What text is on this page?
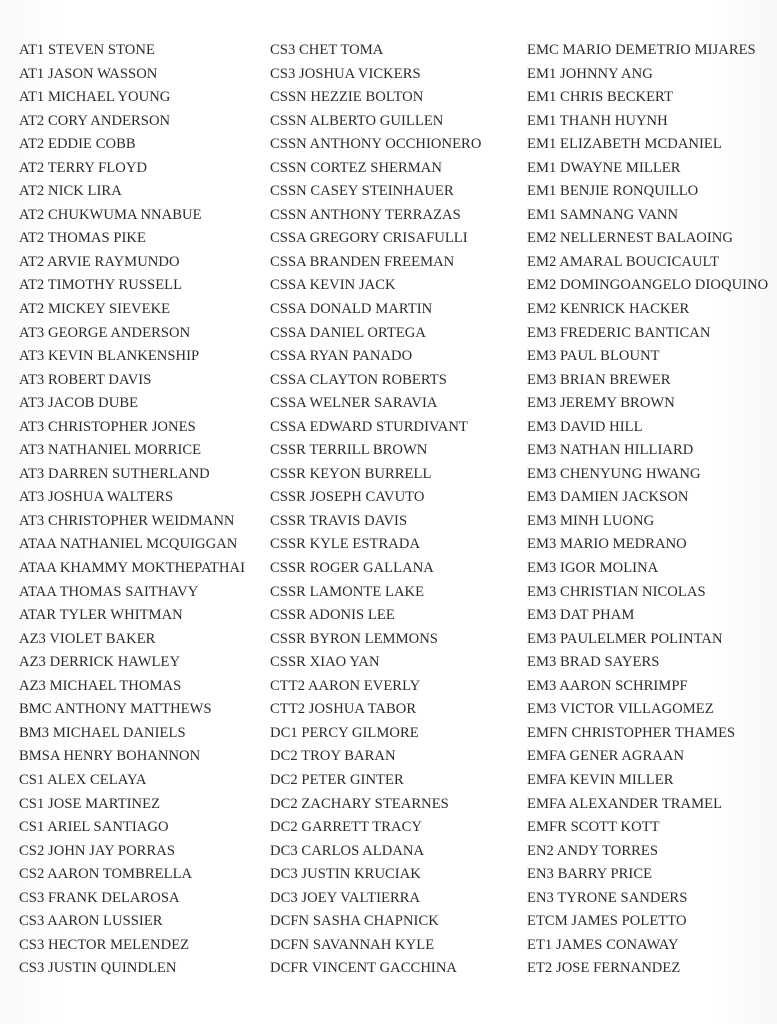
AT1 STEVEN STONE
AT1 JASON WASSON
AT1 MICHAEL YOUNG
AT2 CORY ANDERSON
AT2 EDDIE COBB
AT2 TERRY FLOYD
AT2 NICK LIRA
AT2 CHUKWUMA NNABUE
AT2 THOMAS PIKE
AT2 ARVIE RAYMUNDO
AT2 TIMOTHY RUSSELL
AT2 MICKEY SIEVEKE
AT3 GEORGE ANDERSON
AT3 KEVIN BLANKENSHIP
AT3 ROBERT DAVIS
AT3 JACOB DUBE
AT3 CHRISTOPHER JONES
AT3 NATHANIEL MORRICE
AT3 DARREN SUTHERLAND
AT3 JOSHUA WALTERS
AT3 CHRISTOPHER WEIDMANN
ATAA NATHANIEL MCQUIGGAN
ATAA KHAMMY MOKTHEPATHAI
ATAA THOMAS SAITHAVY
ATAR TYLER WHITMAN
AZ3 VIOLET BAKER
AZ3 DERRICK HAWLEY
AZ3 MICHAEL THOMAS
BMC ANTHONY MATTHEWS
BM3 MICHAEL DANIELS
BMSA HENRY BOHANNON
CS1 ALEX CELAYA
CS1 JOSE MARTINEZ
CS1 ARIEL SANTIAGO
CS2 JOHN JAY PORRAS
CS2 AARON TOMBRELLA
CS3 FRANK DELAROSA
CS3 AARON LUSSIER
CS3 HECTOR MELENDEZ
CS3 JUSTIN QUINDLEN
CS3 CHET TOMA
CS3 JOSHUA VICKERS
CSSN HEZZIE BOLTON
CSSN ALBERTO GUILLEN
CSSN ANTHONY OCCHIONERO
CSSN CORTEZ SHERMAN
CSSN CASEY STEINHAUER
CSSN ANTHONY TERRAZAS
CSSA GREGORY CRISAFULLI
CSSA BRANDEN FREEMAN
CSSA KEVIN JACK
CSSA DONALD MARTIN
CSSA DANIEL ORTEGA
CSSA RYAN PANADO
CSSA CLAYTON ROBERTS
CSSA WELNER SARAVIA
CSSA EDWARD STURDIVANT
CSSR TERRILL BROWN
CSSR KEYON BURRELL
CSSR JOSEPH CAVUTO
CSSR TRAVIS DAVIS
CSSR KYLE ESTRADA
CSSR ROGER GALLANA
CSSR LAMONTE LAKE
CSSR ADONIS LEE
CSSR BYRON LEMMONS
CSSR XIAO YAN
CTT2 AARON EVERLY
CTT2 JOSHUA TABOR
DC1 PERCY GILMORE
DC2 TROY BARAN
DC2 PETER GINTER
DC2 ZACHARY STEARNES
DC2 GARRETT TRACY
DC3 CARLOS ALDANA
DC3 JUSTIN KRUCIAK
DC3 JOEY VALTIERRA
DCFN SASHA CHAPNICK
DCFN SAVANNAH KYLE
DCFR VINCENT GACCHINA
EMC MARIO DEMETRIO MIJARES
EM1 JOHNNY ANG
EM1 CHRIS BECKERT
EM1 THANH HUYNH
EM1 ELIZABETH MCDANIEL
EM1 DWAYNE MILLER
EM1 BENJIE RONQUILLO
EM1 SAMNANG VANN
EM2 NELLERNEST BALAOING
EM2 AMARAL BOUCICAULT
EM2 DOMINGOANGELO DIOQUINO
EM2 KENRICK HACKER
EM3 FREDERIC BANTICAN
EM3 PAUL BLOUNT
EM3 BRIAN BREWER
EM3 JEREMY BROWN
EM3 DAVID HILL
EM3 NATHAN HILLIARD
EM3 CHENYUNG HWANG
EM3 DAMIEN JACKSON
EM3 MINH LUONG
EM3 MARIO MEDRANO
EM3 IGOR MOLINA
EM3 CHRISTIAN NICOLAS
EM3 DAT PHAM
EM3 PAULELMER POLINTAN
EM3 BRAD SAYERS
EM3 AARON SCHRIMPF
EM3 VICTOR VILLAGOMEZ
EMFN CHRISTOPHER THAMES
EMFA GENER AGRAAN
EMFA KEVIN MILLER
EMFA ALEXANDER TRAMEL
EMFR SCOTT KOTT
EN2 ANDY TORRES
EN3 BARRY PRICE
EN3 TYRONE SANDERS
ETCM JAMES POLETTO
ET1 JAMES CONAWAY
ET2 JOSE FERNANDEZ
